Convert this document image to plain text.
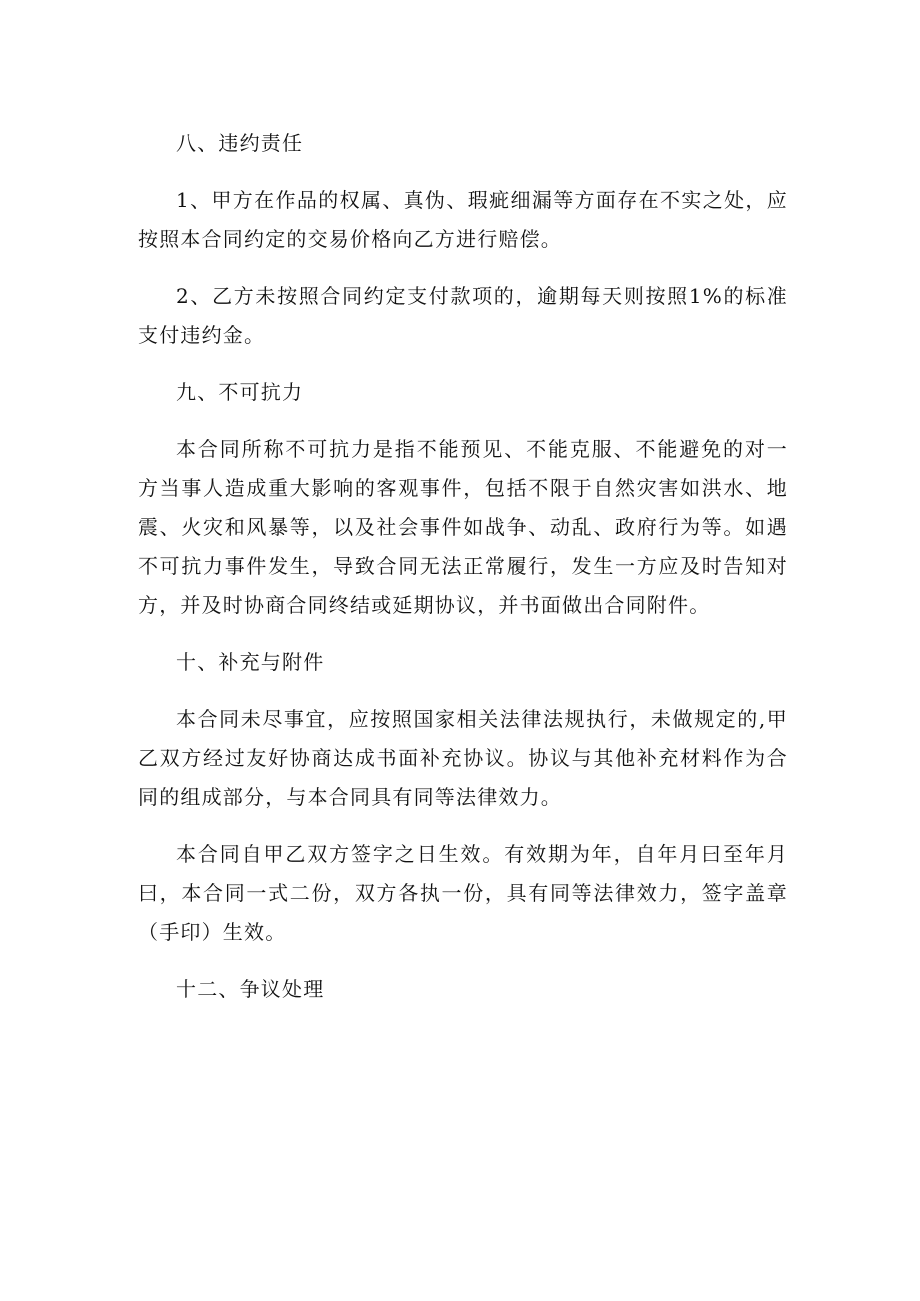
八、违约责任

1、甲方在作品的权属、真伪、瑕疵细漏等方面存在不实之处，应按照本合同约定的交易价格向乙方进行赔偿。

2、乙方未按照合同约定支付款项的，逾期每天则按照1%的标准支付违约金。

九、不可抗力

本合同所称不可抗力是指不能预见、不能克服、不能避免的对一方当事人造成重大影响的客观事件，包括不限于自然灾害如洪水、地震、火灾和风暴等，以及社会事件如战争、动乱、政府行为等。如遇不可抗力事件发生，导致合同无法正常履行，发生一方应及时告知对方，并及时协商合同终结或延期协议，并书面做出合同附件。

十、补充与附件

本合同未尽事宜，应按照国家相关法律法规执行，未做规定的,甲乙双方经过友好协商达成书面补充协议。协议与其他补充材料作为合同的组成部分，与本合同具有同等法律效力。

本合同自甲乙双方签字之日生效。有效期为年，自年月曰至年月曰，本合同一式二份，双方各执一份，具有同等法律效力，签字盖章（手印）生效。

十二、争议处理
